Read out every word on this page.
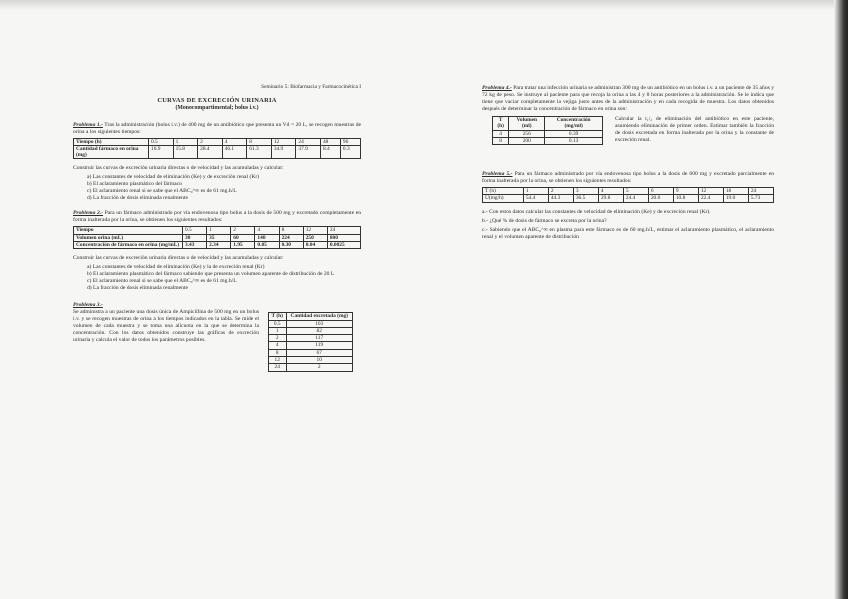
Seminario 5: Biofarmacia y Farmacocinética I
CURVAS DE EXCRECIÓN URINARIA
(Monocompartimental; bolus i.v.)

Problema 1.- Tras la administración (bolus i.v.) de 400 mg de un antibiótico que presenta un Vd = 20 L, se recogen muestras de orina a los siguientes tiempos:

Tiempo (h)	0.5	1	2	4	8	12	24	48	96
Cantidad fármaco en orina (mg)	16.9	15.8	28.4	46.1	61.3	34.9	37.9	8.4	0.3

Construir las curvas de excreción urinaria directas o de velocidad y las acumuladas y calcular:

a) Las constantes de velocidad de eliminación (Ke) y de excreción renal (Kr)
b) El aclaramiento plasmático del fármaco
c) El aclaramiento renal si se sabe que el ABC₀^∞ es de 61 mg.h/L
d) La fracción de dosis eliminada renalmente

Problema 2.- Para un fármaco administrado por vía endovenosa tipo bolus a la dosis de 500 mg y excretado completamente en forma inalterada por la orina, se obtienen los siguientes resultados:

Tiempo	0.5	1	2	4	8	12	24
Volumen orina (mL)	30	35	60	140	224	250	800
Concentración de fármaco en orina (mg/mL)	3.43	2.34	1.95	0.85	0.30	0.04	0.0025

Construir las curvas de excreción urinaria directas o de velocidad y las acumuladas y calcular:

a) Las constantes de velocidad de eliminación (Ke) y la de excreción renal (Kr)
b) El aclaramiento plasmático del fármaco sabiendo que presenta un volumen aparente de distribución de 20 L
c) El aclaramiento renal si se sabe que el ABC₀^∞ es de 61 mg.h/L
d) La fracción de dosis eliminada renalmente
T (h)	Cantidad excretada (mg)
0.5	103
1	82
2	117
4	119
8	67
12	10
24	2
Problema 3.-

Se administra a un paciente una dosis única de Ampicillina de 500 mg en un bolus i.v. y se recogen muestras de orina a los tiempos indicados en la tabla. Se mide el volumen de cada muestra y se toma una alícuota en la que se determina la concentración. Con los datos obtenidos construye las gráficas de excreción urinaria y calcula el valor de todos los parámetros posibles.

Problema 4.- Para tratar una infección urinaria se administran 300 mg de un antibiótico en un bolus i.v. a un paciente de 35 años y 72 kg de peso. Se instruye al paciente para que recoja la orina a las 4 y 8 horas posteriores a la administración. Se le indica que tiene que vaciar completamente la vejiga justo antes de la administración y en cada recogida de muestra. Los datos obtenidos después de determinar la concentración de fármaco en orina son:

T (h)	Volumen (ml)	Concentración (mg/ml)
4	256	0.39
8	200	0.13

Calcular la t₁/₂ de eliminación del antibiótico en este paciente, asumiendo eliminación de primer orden. Estimar también la fracción de dosis excretada en forma inalterada por la orina y la constante de excreción renal.

Problema 5.- Para un fármaco administrado por vía endovenosa tipo bolus a la dosis de 600 mg y excretado parcialmente en forma inalterada por la orina, se obtienen los siguientes resultados:

T (h)	1	2	3	4	5	6	9	12	18	24
U(mg/h)	54.4	44.3	36.5	29.8	24.4	20.0	10.8	22.4	19.0	5.73

a.- Con estos datos calcular las constantes de velocidad de eliminación (Ke) y de excreción renal (Kr).

b.- ¿Qué % de dosis de fármaco se excreta por la orina?

c.- Sabiendo que el ABC₀^∞ en plasma para este fármaco es de 60 mg.h/L, estimar el aclaramiento plasmático, el aclaramiento renal y el volumen aparente de distribución
